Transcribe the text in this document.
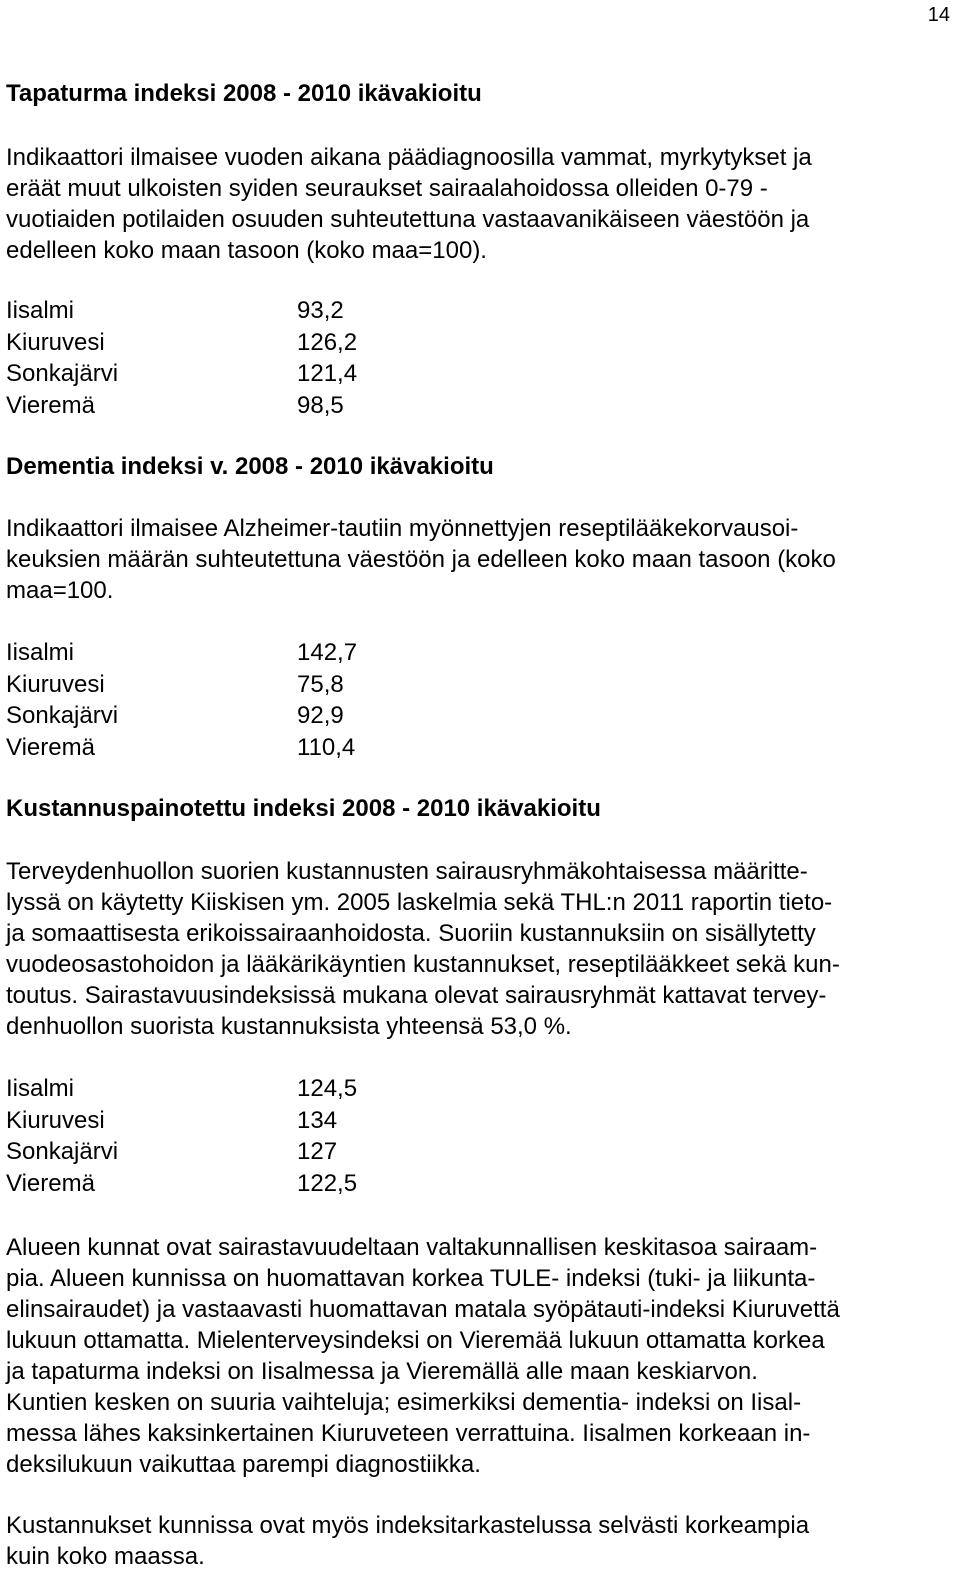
14
Tapaturma indeksi 2008 - 2010 ikävakioitu
Indikaattori ilmaisee vuoden aikana päädiagnoosilla vammat, myrkytykset ja
eräät muut ulkoisten syiden seuraukset sairaalahoidossa olleiden 0-79 -
vuotiaiden potilaiden osuuden suhteutettuna vastaavanikäiseen väestöön ja
edelleen koko maan tasoon (koko maa=100).
Iisalmi	93,2
Kiuruvesi	126,2
Sonkajärvi	121,4
Vieremä	98,5
Dementia indeksi v. 2008 - 2010 ikävakioitu
Indikaattori ilmaisee Alzheimer-tautiin myönnettyjen reseptilääkekorvausoi-
keuksien määrän suhteutettuna väestöön ja edelleen koko maan tasoon (koko
maa=100.
Iisalmi	142,7
Kiuruvesi	75,8
Sonkajärvi	92,9
Vieremä	110,4
Kustannuspainotettu indeksi 2008 - 2010 ikävakioitu
Terveydenhuollon suorien kustannusten sairausryhmäkohtaisessa määritte-
lyssä on käytetty Kiiskisen ym. 2005 laskelmia sekä THL:n 2011 raportin tieto-
ja somaattisesta erikoissairaanhoidosta. Suoriin kustannuksiin on sisällytetty
vuodeosastohoidon ja lääkärikäyntien kustannukset, reseptilääkkeet sekä kun-
toutus. Sairastavuusindeksissä mukana olevat sairausryhmät kattavat tervey-
denhuollon suorista kustannuksista yhteensä 53,0 %.
Iisalmi	124,5
Kiuruvesi	134
Sonkajärvi	127
Vieremä	122,5
Alueen kunnat ovat sairastavuudeltaan valtakunnallisen keskitasoa sairaam-
pia. Alueen kunnissa on huomattavan korkea TULE- indeksi (tuki- ja liikunta-
elinsairaudet) ja vastaavasti huomattavan matala syöpätauti-indeksi Kiuruvettä
lukuun ottamatta. Mielenterveysindeksi on Vieremää lukuun ottamatta korkea
ja tapaturma indeksi on Iisalmessa ja Vieremällä alle maan keskiarvon.
Kuntien kesken on suuria vaihteluja; esimerkiksi dementia- indeksi on Iisal-
messa lähes kaksinkertainen Kiuruveteen verrattuina. Iisalmen korkeaan in-
deksilukuun vaikuttaa parempi diagnostiikka.
Kustannukset kunnissa ovat myös indeksitarkastelussa selvästi korkeampia
kuin koko maassa.
